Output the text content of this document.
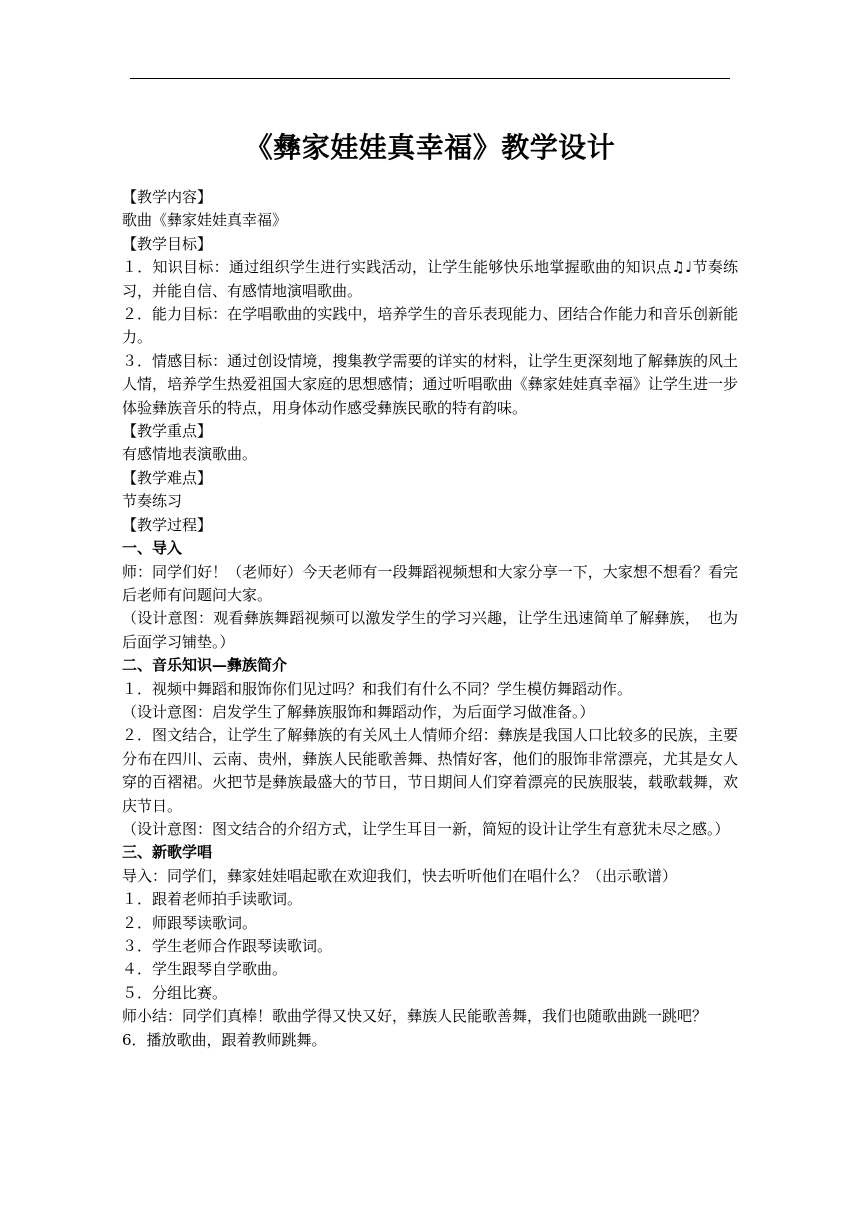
《彝家娃娃真幸福》教学设计

【教学内容】

歌曲《彝家娃娃真幸福》

【教学目标】

１．知识目标：通过组织学生进行实践活动，让学生能够快乐地掌握歌曲的知识点♫♩节奏练习，并能自信、有感情地演唱歌曲。

２．能力目标：在学唱歌曲的实践中，培养学生的音乐表现能力、团结合作能力和音乐创新能力。

３．情感目标：通过创设情境，搜集教学需要的详实的材料，让学生更深刻地了解彝族的风土人情，培养学生热爱祖国大家庭的思想感情；通过听唱歌曲《彝家娃娃真幸福》让学生进一步体验彝族音乐的特点，用身体动作感受彝族民歌的特有韵味。

【教学重点】

有感情地表演歌曲。

【教学难点】

节奏练习

【教学过程】

一、导入

师：同学们好！（老师好）今天老师有一段舞蹈视频想和大家分享一下，大家想不想看？看完后老师有问题问大家。

（设计意图：观看彝族舞蹈视频可以激发学生的学习兴趣，让学生迅速简单了解彝族，　也为后面学习铺垫。）

二、音乐知识—彝族简介

１．视频中舞蹈和服饰你们见过吗？和我们有什么不同？学生模仿舞蹈动作。

（设计意图：启发学生了解彝族服饰和舞蹈动作，为后面学习做准备。）

２．图文结合，让学生了解彝族的有关风土人情师介绍：彝族是我国人口比较多的民族，主要分布在四川、云南、贵州，彝族人民能歌善舞、热情好客，他们的服饰非常漂亮，尤其是女人穿的百褶裙。火把节是彝族最盛大的节日，节日期间人们穿着漂亮的民族服装，载歌载舞，欢庆节日。

（设计意图：图文结合的介绍方式，让学生耳目一新，简短的设计让学生有意犹未尽之感。）

三、新歌学唱

导入：同学们，彝家娃娃唱起歌在欢迎我们，快去听听他们在唱什么？（出示歌谱）

１．跟着老师拍手读歌词。

２．师跟琴读歌词。

３．学生老师合作跟琴读歌词。

４．学生跟琴自学歌曲。

５．分组比赛。

师小结：同学们真棒！歌曲学得又快又好，彝族人民能歌善舞，我们也随歌曲跳一跳吧？

6．播放歌曲，跟着教师跳舞。
